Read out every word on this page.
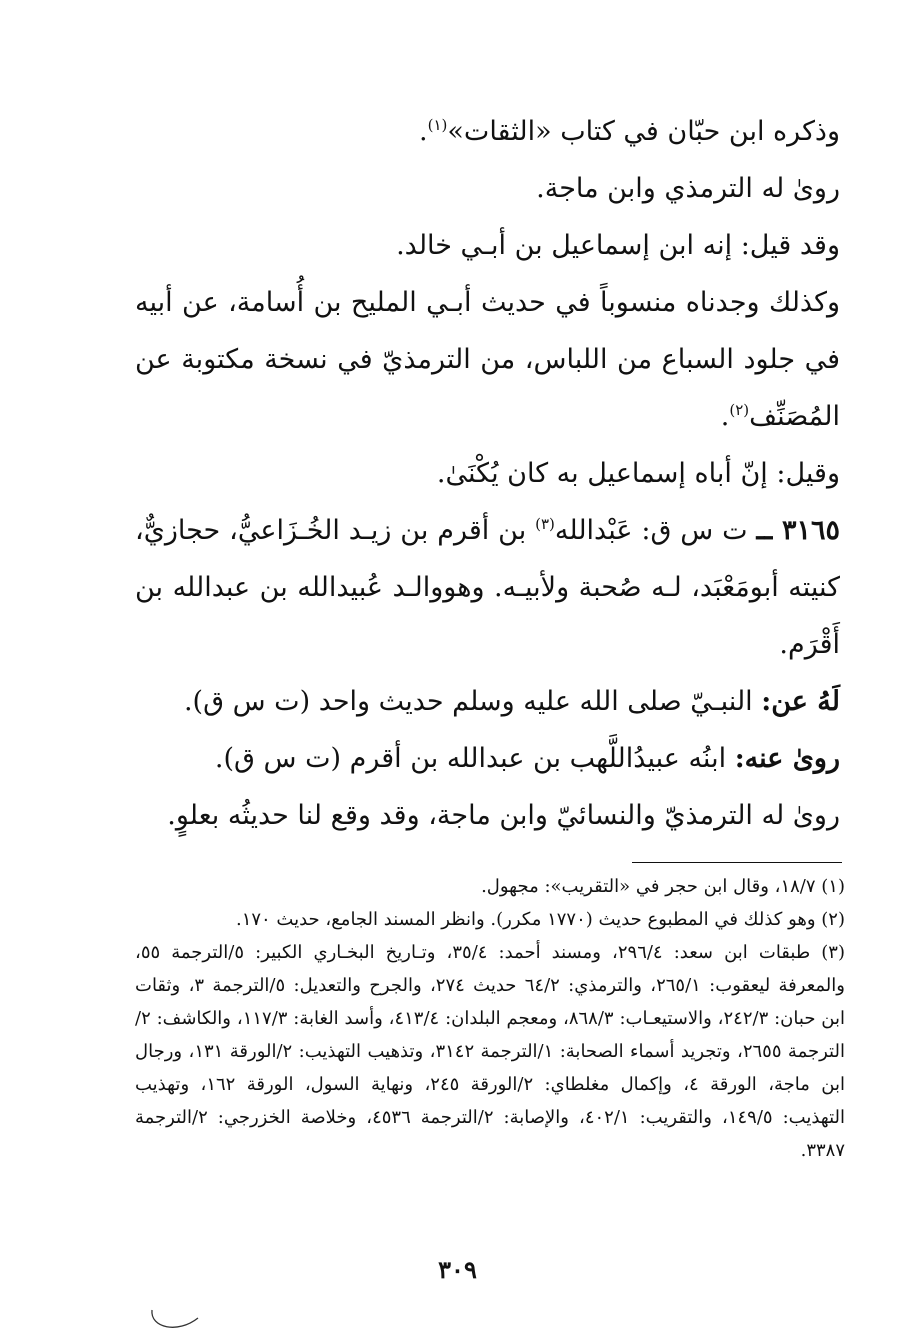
وذكره ابن حبّان في كتاب «الثقات»$^{(١)}$.

روىٰ له الترمذي وابن ماجة.

وقد قيل: إنه ابن إسماعيل بن أبـي خالد.

وكذلك وجدناه منسوباً في حديث أبـي المليح بن أُسامة، عن أبيه في جلود السباع من اللباس، من الترمذيّ في نسخة مكتوبة عن المُصَنِّف$^{(٢)}$.

وقيل: إنّ أباه إسماعيل به كان يُكْنَىٰ.

٣١٦٥ ــ ت س ق: عَبْدالله$^{(٣)}$ بن أقرم بن زيـد الخُـزَاعيُّ، حجازيٌّ، كنيته أبومَعْبَد، لـه صُحبة ولأبيـه. وهووالـد عُبيدالله بن عبدالله بن أَقْرَم.

لَهُ عن: النبـيّ صلى الله عليه وسلم حديث واحد (ت س ق).

روىٰ عنه: ابنُه عبيدُاللَّهب بن عبدالله بن أقرم (ت س ق).

روىٰ له الترمذيّ والنسائيّ وابن ماجة، وقد وقع لنا حديثُه بعلوٍ.

(١) ١٨/٧، وقال ابن حجر في «التقريب»: مجهول.

(٢) وهو كذلك في المطبوع حديث (١٧٧٠ مكرر). وانظر المسند الجامع، حديث ١٧٠.

(٣) طبقات ابن سعد: ٢٩٦/٤، ومسند أحمد: ٣٥/٤، وتـاريخ البخـاري الكبير: ٥/الترجمة ٥٥، والمعرفة ليعقوب: ٢٦٥/١، والترمذي: ٦٤/٢ حديث ٢٧٤، والجرح والتعديل: ٥/الترجمة ٣، وثقات ابن حبان: ٢٤٢/٣، والاستيعـاب: ٨٦٨/٣، ومعجم البلدان: ٤١٣/٤، وأسد الغابة: ١١٧/٣، والكاشف: ٢/الترجمة ٢٦٥٥، وتجريد أسماء الصحابة: ١/الترجمة ٣١٤٢، وتذهيب التهذيب: ٢/الورقة ١٣١، ورجال ابن ماجة، الورقة ٤، وإكمال مغلطاي: ٢/الورقة ٢٤٥، ونهاية السول، الورقة ١٦٢، وتهذيب التهذيب: ١٤٩/٥، والتقريب: ٤٠٢/١، والإصابة: ٢/الترجمة ٤٥٣٦، وخلاصة الخزرجي: ٢/الترجمة ٣٣٨٧.

٣٠٩
